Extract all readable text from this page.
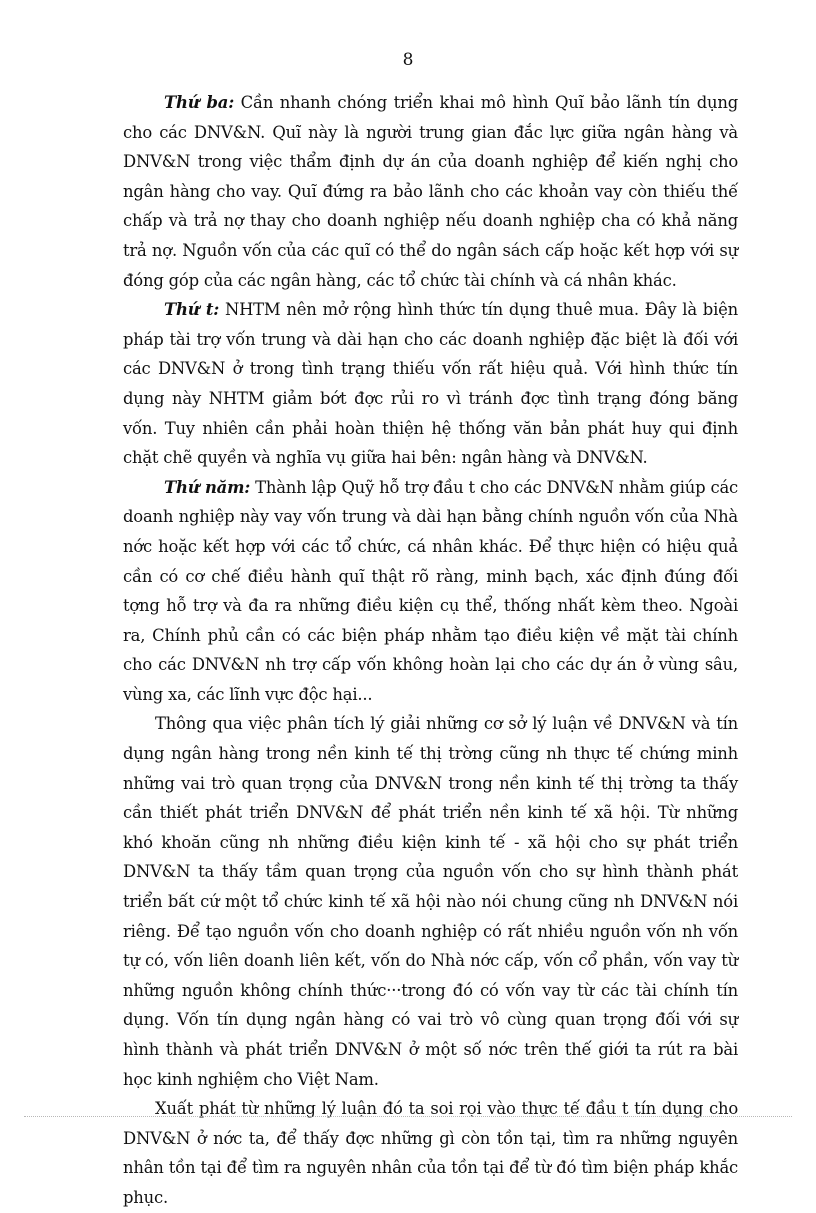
8

Thứ ba: Cần nhanh chóng triển khai mô hình Quĩ bảo lãnh tín dụng cho các DNV&N. Quĩ này là người trung gian đắc lực giữa ngân hàng và DNV&N trong việc thẩm định dự án của doanh nghiệp để kiến nghị cho ngân hàng cho vay. Quĩ đứng ra bảo lãnh cho các khoản vay còn thiếu thế chấp và trả nợ thay cho doanh nghiệp nếu doanh nghiệp cha có khả năng trả nợ. Nguồn vốn của các quĩ có thể do ngân sách cấp hoặc kết hợp với sự đóng góp của các ngân hàng, các tổ chức tài chính và cá nhân khác.

Thứ t: NHTM nên mở rộng hình thức tín dụng thuê mua. Đây là biện pháp tài trợ vốn trung và dài hạn cho các doanh nghiệp đặc biệt là đối với các DNV&N ở trong tình trạng thiếu vốn rất hiệu quả. Với hình thức tín dụng này NHTM giảm bớt đợc rủi ro vì tránh đợc tình trạng đóng băng vốn. Tuy nhiên cần phải hoàn thiện hệ thống văn bản phát huy qui định chặt chẽ quyền và nghĩa vụ giữa hai bên: ngân hàng và DNV&N.

Thứ năm: Thành lập Quỹ hỗ trợ đầu t cho các DNV&N nhằm giúp các doanh nghiệp này vay vốn trung và dài hạn bằng chính nguồn vốn của Nhà nớc hoặc kết hợp với các tổ chức, cá nhân khác. Để thực hiện có hiệu quả cần có cơ chế điều hành quĩ thật rõ ràng, minh bạch, xác định đúng đối tợng hỗ trợ và đa ra những điều kiện cụ thể, thống nhất kèm theo. Ngoài ra, Chính phủ cần có các biện pháp nhằm tạo điều kiện về mặt tài chính cho các DNV&N nh trợ cấp vốn không hoàn lại cho các dự án ở vùng sâu, vùng xa, các lĩnh vực độc hại...

Thông qua việc phân tích lý giải những cơ sở lý luận về DNV&N và tín dụng ngân hàng trong nền kinh tế thị trờng cũng nh thực tế chứng minh những vai trò quan trọng của DNV&N trong nền kinh tế thị trờng ta thấy cần thiết phát triển DNV&N để phát triển nền kinh tế xã hội. Từ những khó khoăn cũng nh những điều kiện kinh tế - xã hội cho sự phát triển DNV&N ta thấy tầm quan trọng của nguồn vốn cho sự hình thành phát triển bất cứ một tổ chức kinh tế xã hội nào nói chung cũng nh DNV&N nói riêng. Để tạo nguồn vốn cho doanh nghiệp có rất nhiều nguồn vốn nh vốn tự có, vốn liên doanh liên kết, vốn do Nhà nớc cấp, vốn cổ phần, vốn vay từ những nguồn không chính thức···trong đó có vốn vay từ các tài chính tín dụng. Vốn tín dụng ngân hàng có vai trò vô cùng quan trọng đối với sự hình thành và phát triển DNV&N ở một số nớc trên thế giới ta rút ra bài học kinh nghiệm cho Việt Nam.

Xuất phát từ những lý luận đó ta soi rọi vào thực tế đầu t tín dụng cho DNV&N ở nớc ta, để thấy đợc những gì còn tồn tại, tìm ra những nguyên nhân tồn tại để tìm ra nguyên nhân của tồn tại để từ đó tìm biện pháp khắc phục.
